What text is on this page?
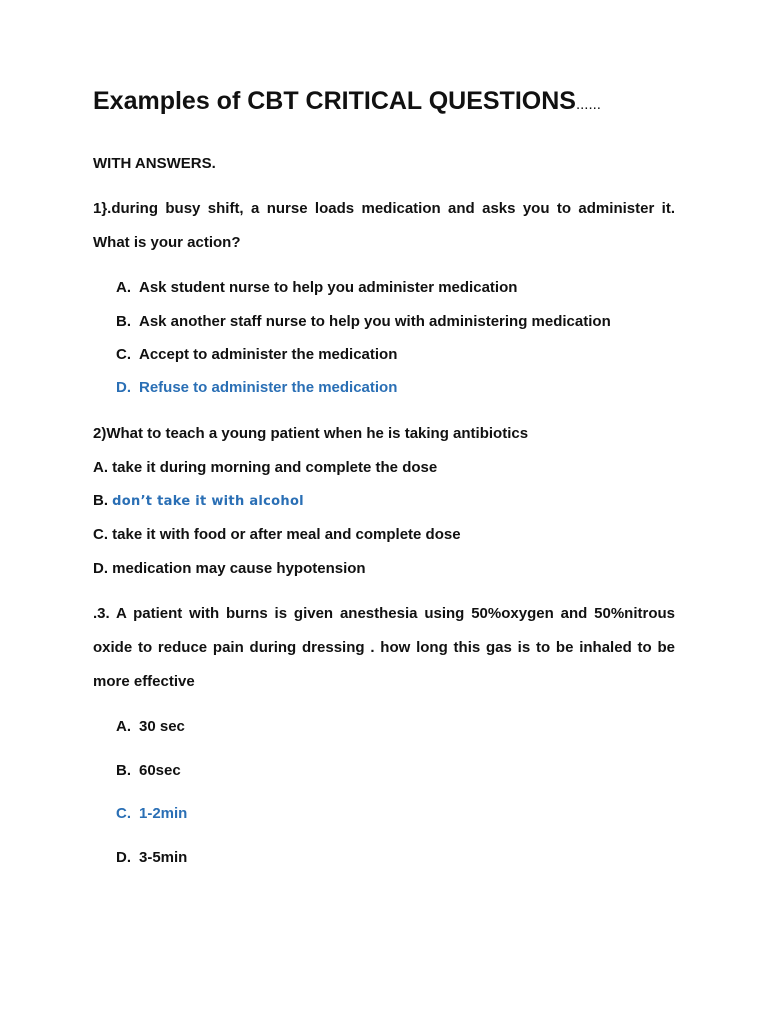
Examples of CBT CRITICAL QUESTIONS......
WITH ANSWERS.
1}.during busy shift, a nurse loads medication and asks you to administer it.
What is your action?
A. Ask student nurse to help you administer medication
B. Ask another staff nurse to help you with administering medication
C. Accept to administer the medication
D. Refuse to administer the medication
2)What to teach a young patient when he is taking antibiotics
A. take it during morning and complete the dose
B. don’t take it with alcohol
C. take it with food or after meal and complete dose
D. medication may cause hypotension
.3. A patient with burns is given anesthesia using 50%oxygen and 50%nitrous
oxide to reduce pain during dressing . how long this gas is to be inhaled to be
more effective
A. 30 sec
B. 60sec
C. 1-2min
D. 3-5min
